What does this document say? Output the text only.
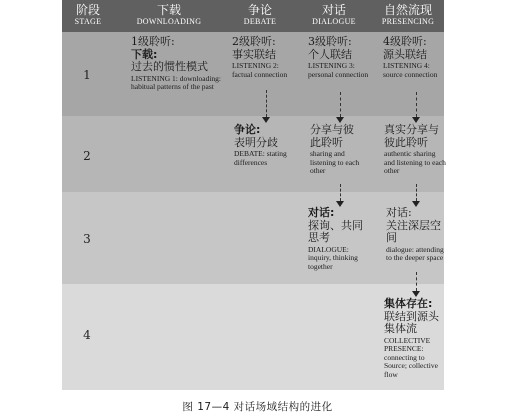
阶段
STAGE
下载
DOWNLOADING
争论
DEBATE
对话
DIALOGUE
自然流现
PRESENCING
1
1级聆听:
下载:
过去的惯性模式
LISTENING 1: downloading: habitual patterns of the past
2级聆听:
事实联结
LISTENING 2: factual connection
3级聆听:
个人联结
LISTENING 3: personal connection
4级聆听:
源头联结
LISTENING 4: source connection
2
争论:
表明分歧
DEBATE: stating differences
分享与彼此聆听
sharing and listening to each other
真实分享与彼此聆听
authentic sharing and listening to each other
3
对话:
探询、共同思考
DIALOGUE: inquiry, thinking together
对话:
关注深层空间
dialogue: attending to the deeper space
4
集体存在:
联结到源头集体流
COLLECTIVE PRESENCE: connecting to Source; collective flow
图 17—4 对话场域结构的进化
